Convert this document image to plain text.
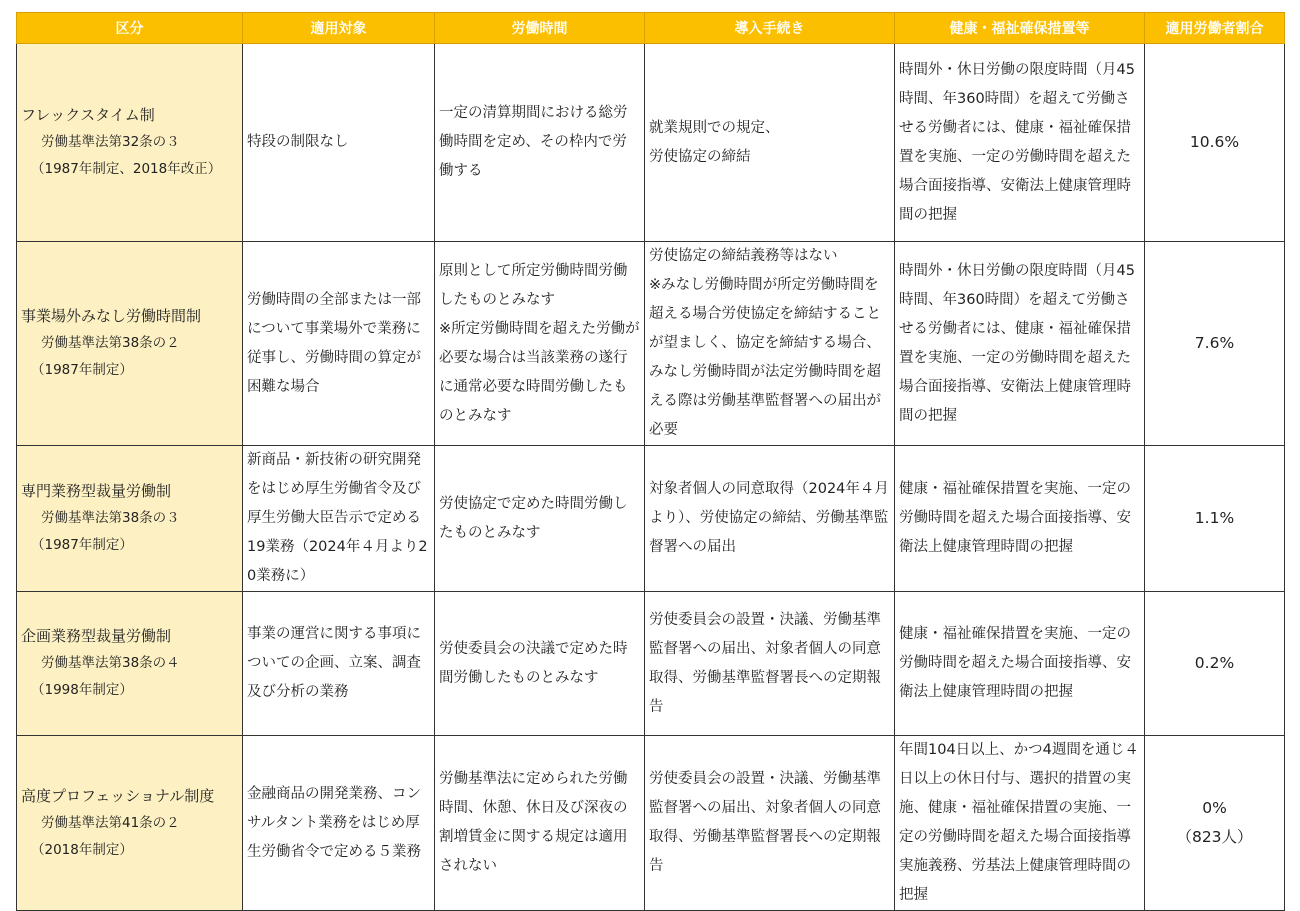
区分	適用対象	労働時間	導入手続き	健康・福祉確保措置等	適用労働者割合

フレックスタイム制
労働基準法第32条の３
（1987年制定、2018年改正）	特段の制限なし	一定の清算期間における総労働時間を定め、その枠内で労働する	就業規則での規定、
労使協定の締結	時間外・休日労働の限度時間（月45時間、年360時間）を超えて労働させる労働者には、健康・福祉確保措置を実施、一定の労働時間を超えた場合面接指導、安衛法上健康管理時間の把握	10.6%

事業場外みなし労働時間制
労働基準法第38条の２
（1987年制定）	労働時間の全部または一部について事業場外で業務に従事し、労働時間の算定が困難な場合	原則として所定労働時間労働したものとみなす
※所定労働時間を超えた労働が必要な場合は当該業務の遂行に通常必要な時間労働したものとみなす	労使協定の締結義務等はない
※みなし労働時間が所定労働時間を超える場合労使協定を締結することが望ましく、協定を締結する場合、みなし労働時間が法定労働時間を超える際は労働基準監督署への届出が必要	時間外・休日労働の限度時間（月45時間、年360時間）を超えて労働させる労働者には、健康・福祉確保措置を実施、一定の労働時間を超えた場合面接指導、安衛法上健康管理時間の把握	7.6%

専門業務型裁量労働制
労働基準法第38条の３
（1987年制定）	新商品・新技術の研究開発をはじめ厚生労働省令及び厚生労働大臣告示で定める19業務（2024年４月より20業務に）	労使協定で定めた時間労働したものとみなす	対象者個人の同意取得（2024年４月より）、労使協定の締結、労働基準監督署への届出	健康・福祉確保措置を実施、一定の労働時間を超えた場合面接指導、安衛法上健康管理時間の把握	1.1%

企画業務型裁量労働制
労働基準法第38条の４
（1998年制定）	事業の運営に関する事項についての企画、立案、調査及び分析の業務	労使委員会の決議で定めた時間労働したものとみなす	労使委員会の設置・決議、労働基準監督署への届出、対象者個人の同意取得、労働基準監督署長への定期報告	健康・福祉確保措置を実施、一定の労働時間を超えた場合面接指導、安衛法上健康管理時間の把握	0.2%

高度プロフェッショナル制度
労働基準法第41条の２
（2018年制定）	金融商品の開発業務、コンサルタント業務をはじめ厚生労働省令で定める５業務	労働基準法に定められた労働時間、休憩、休日及び深夜の割増賃金に関する規定は適用されない	労使委員会の設置・決議、労働基準監督署への届出、対象者個人の同意取得、労働基準監督署長への定期報告	年間104日以上、かつ4週間を通じ４日以上の休日付与、選択的措置の実施、健康・福祉確保措置の実施、一定の労働時間を超えた場合面接指導実施義務、労基法上健康管理時間の把握	0%
（823人）
